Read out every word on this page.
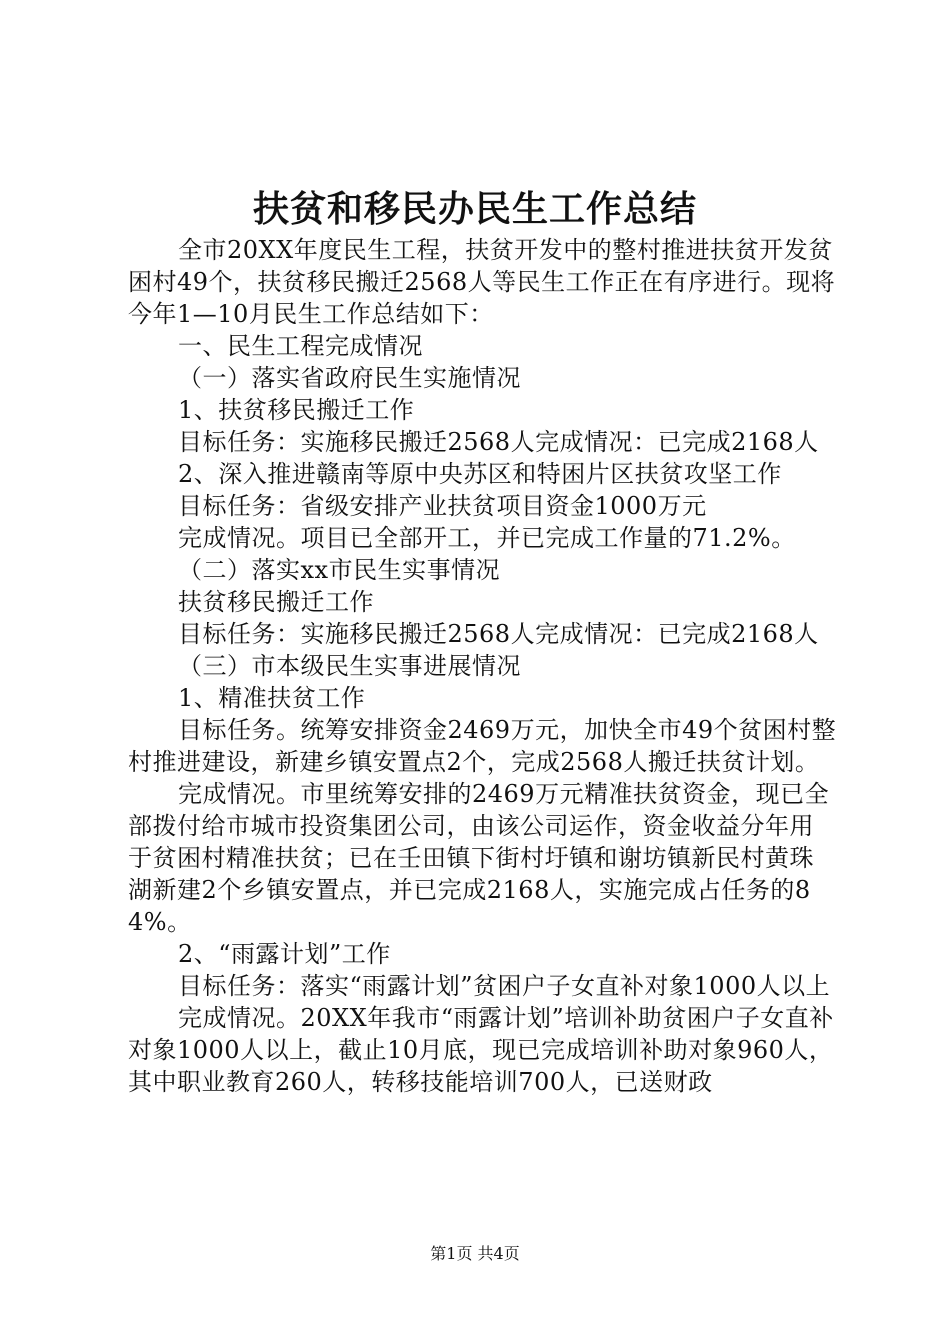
扶贫和移民办民生工作总结

全市20XX年度民生工程，扶贫开发中的整村推进扶贫开发贫困村49个，扶贫移民搬迁2568人等民生工作正在有序进行。现将今年1—10月民生工作总结如下：

一、民生工程完成情况

（一）落实省政府民生实施情况

1、扶贫移民搬迁工作

目标任务：实施移民搬迁2568人完成情况：已完成2168人

2、深入推进赣南等原中央苏区和特困片区扶贫攻坚工作

目标任务：省级安排产业扶贫项目资金1000万元

完成情况。项目已全部开工，并已完成工作量的71.2%。

（二）落实xx市民生实事情况

扶贫移民搬迁工作

目标任务：实施移民搬迁2568人完成情况：已完成2168人

（三）市本级民生实事进展情况

1、精准扶贫工作

目标任务。统筹安排资金2469万元，加快全市49个贫困村整村推进建设，新建乡镇安置点2个，完成2568人搬迁扶贫计划。

完成情况。市里统筹安排的2469万元精准扶贫资金，现已全部拨付给市城市投资集团公司，由该公司运作，资金收益分年用于贫困村精准扶贫；已在壬田镇下街村圩镇和谢坊镇新民村黄珠湖新建2个乡镇安置点，并已完成2168人，实施完成占任务的84%。

2、“雨露计划”工作

目标任务：落实“雨露计划”贫困户子女直补对象1000人以上

完成情况。20XX年我市“雨露计划”培训补助贫困户子女直补对象1000人以上，截止10月底，现已完成培训补助对象960人，其中职业教育260人，转移技能培训700人，已送财政

第1页 共4页
